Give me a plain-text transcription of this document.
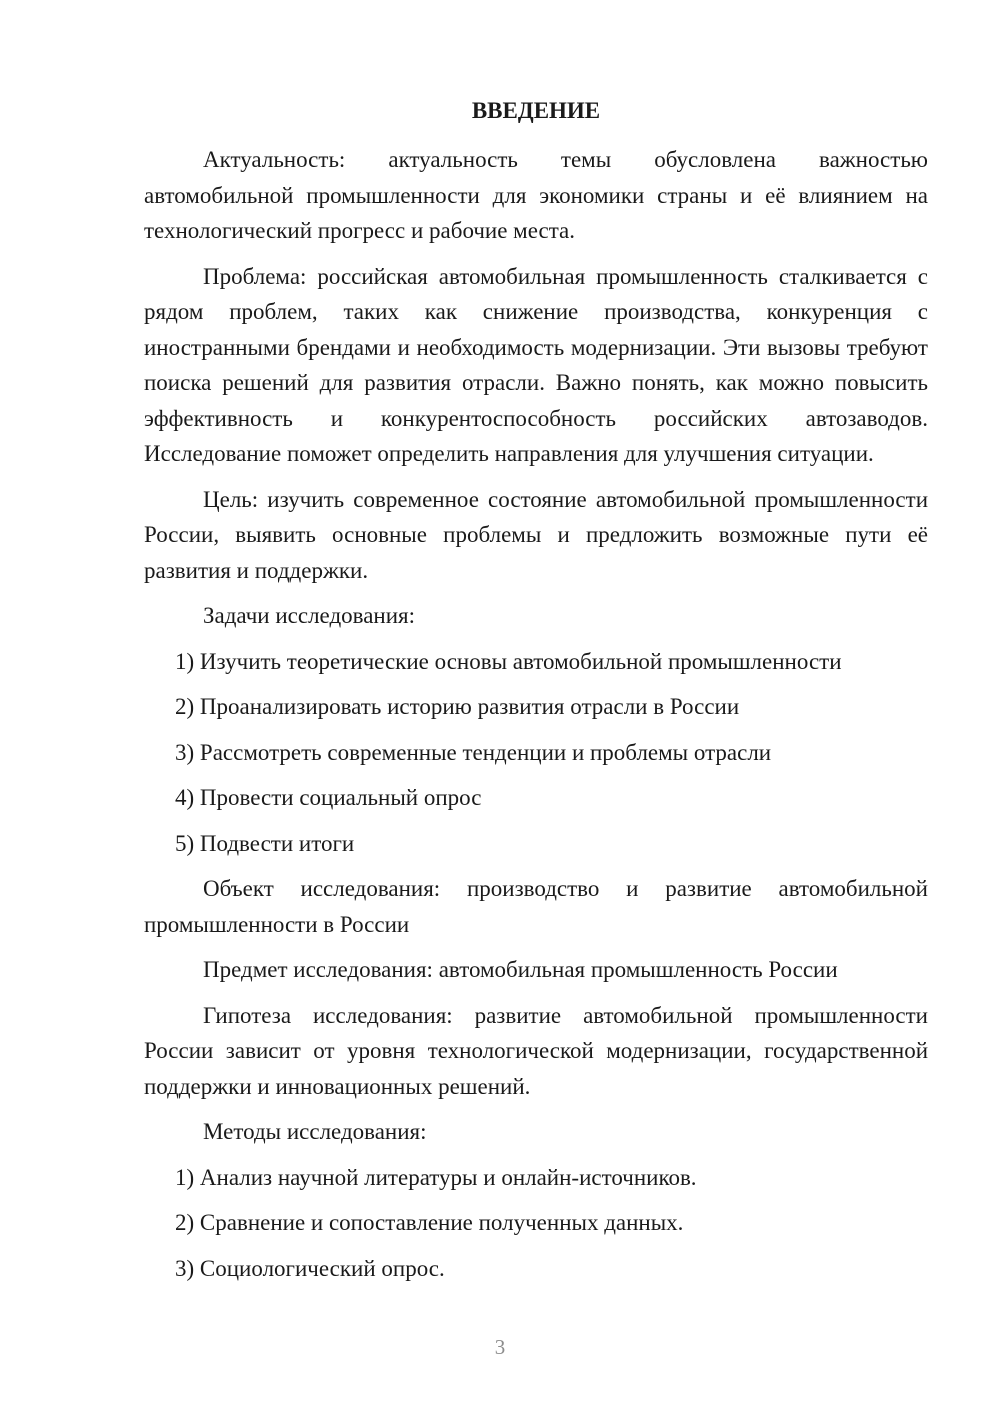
ВВЕДЕНИЕ

Актуальность: актуальность темы обусловлена важностью автомобильной промышленности для экономики страны и её влиянием на технологический прогресс и рабочие места.

Проблема: российская автомобильная промышленность сталкивается с рядом проблем, таких как снижение производства, конкуренция с иностранными брендами и необходимость модернизации. Эти вызовы требуют поиска решений для развития отрасли. Важно понять, как можно повысить эффективность и конкурентоспособность российских автозаводов. Исследование поможет определить направления для улучшения ситуации.

Цель: изучить современное состояние автомобильной промышленности России, выявить основные проблемы и предложить возможные пути её развития и поддержки.

Задачи исследования:
1) Изучить теоретические основы автомобильной промышленности
2) Проанализировать историю развития отрасли в России
3) Рассмотреть современные тенденции и проблемы отрасли
4) Провести социальный опрос
5) Подвести итоги

Объект исследования: производство и развитие автомобильной промышленности в России

Предмет исследования: автомобильная промышленность России

Гипотеза исследования: развитие автомобильной промышленности России зависит от уровня технологической модернизации, государственной поддержки и инновационных решений.

Методы исследования:
1) Анализ научной литературы и онлайн-источников.
2) Сравнение и сопоставление полученных данных.
3) Социологический опрос.
3
